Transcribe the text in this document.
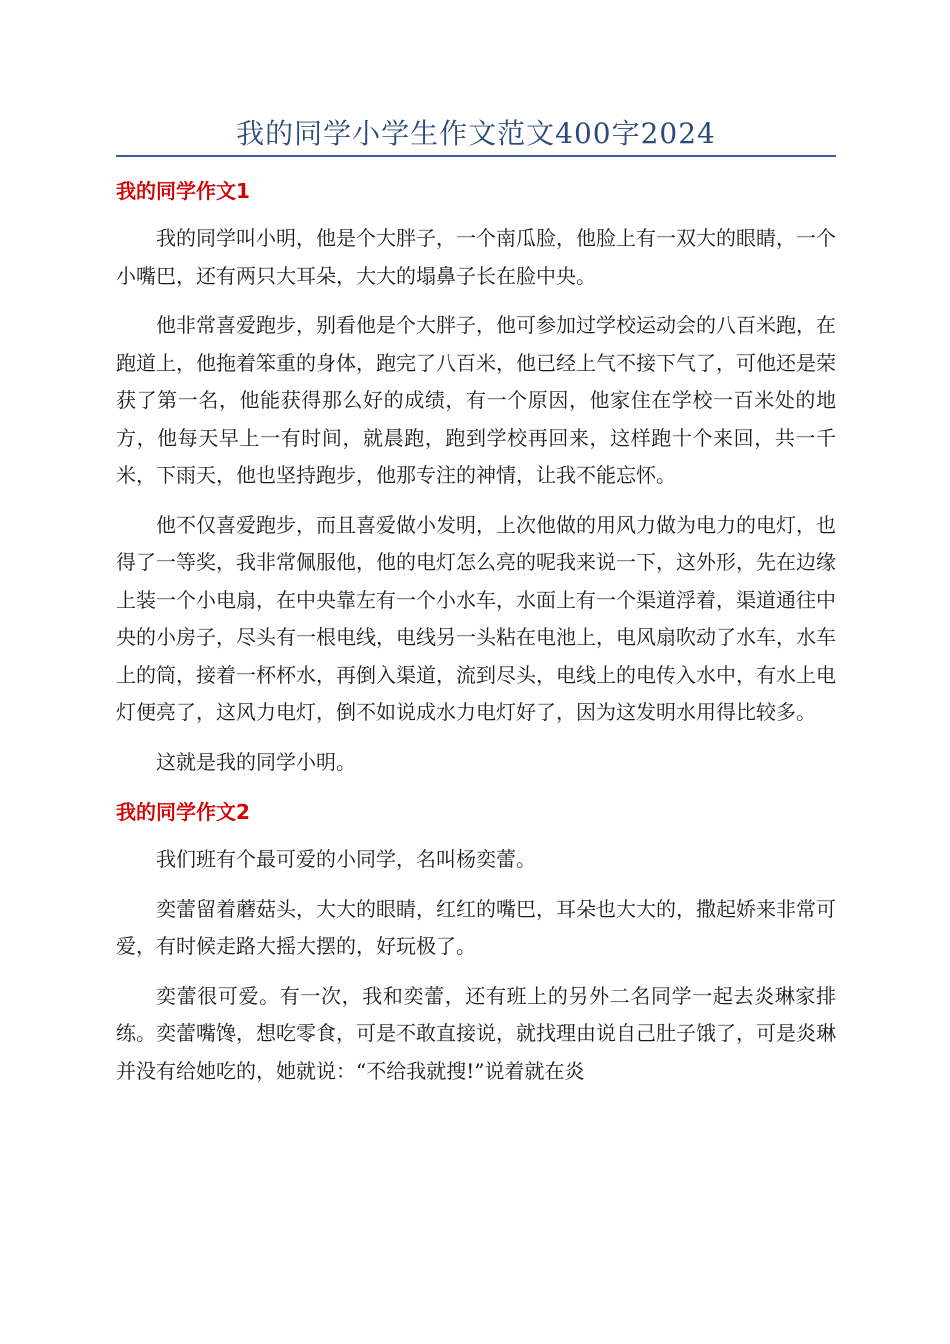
我的同学小学生作文范文400字2024
我的同学作文1

我的同学叫小明，他是个大胖子，一个南瓜脸，他脸上有一双大的眼睛，一个小嘴巴，还有两只大耳朵，大大的塌鼻子长在脸中央。

他非常喜爱跑步，别看他是个大胖子，他可参加过学校运动会的八百米跑，在跑道上，他拖着笨重的身体，跑完了八百米，他已经上气不接下气了，可他还是荣获了第一名，他能获得那么好的成绩，有一个原因，他家住在学校一百米处的地方，他每天早上一有时间，就晨跑，跑到学校再回来，这样跑十个来回，共一千米，下雨天，他也坚持跑步，他那专注的神情，让我不能忘怀。

他不仅喜爱跑步，而且喜爱做小发明，上次他做的用风力做为电力的电灯，也得了一等奖，我非常佩服他，他的电灯怎么亮的呢我来说一下，这外形，先在边缘上装一个小电扇，在中央靠左有一个小水车，水面上有一个渠道浮着，渠道通往中央的小房子，尽头有一根电线，电线另一头粘在电池上，电风扇吹动了水车，水车上的筒，接着一杯杯水，再倒入渠道，流到尽头，电线上的电传入水中，有水上电灯便亮了，这风力电灯，倒不如说成水力电灯好了，因为这发明水用得比较多。

这就是我的同学小明。

我的同学作文2

我们班有个最可爱的小同学，名叫杨奕蕾。

奕蕾留着蘑菇头，大大的眼睛，红红的嘴巴，耳朵也大大的，撒起娇来非常可爱，有时候走路大摇大摆的，好玩极了。

奕蕾很可爱。有一次，我和奕蕾，还有班上的另外二名同学一起去炎琳家排练。奕蕾嘴馋，想吃零食，可是不敢直接说，就找理由说自己肚子饿了，可是炎琳并没有给她吃的，她就说：“不给我就搜!”说着就在炎
